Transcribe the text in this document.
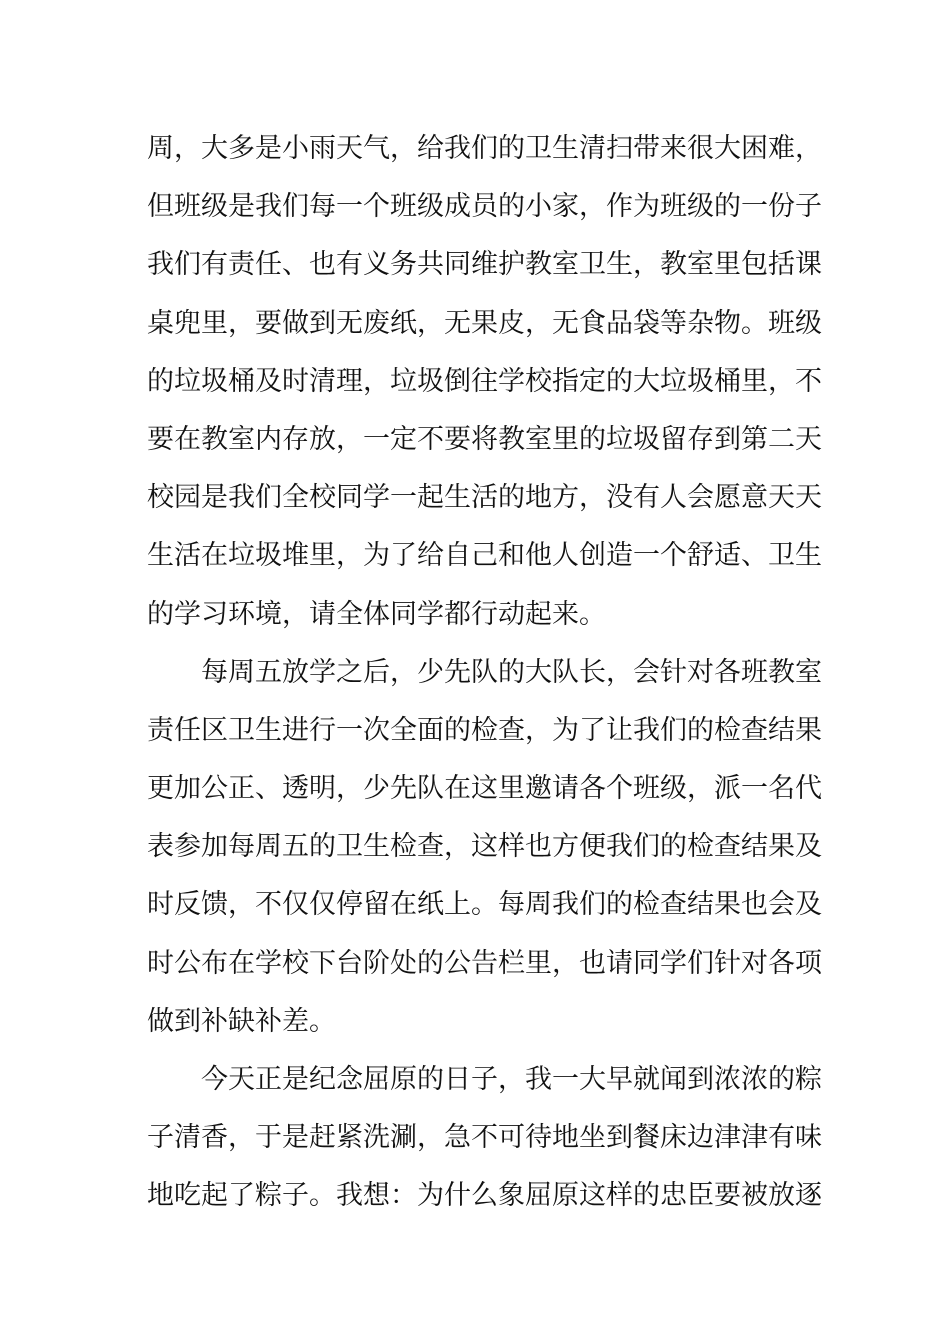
周，大多是小雨天气，给我们的卫生清扫带来很大困难，
但班级是我们每一个班级成员的小家，作为班级的一份子
我们有责任、也有义务共同维护教室卫生，教室里包括课
桌兜里，要做到无废纸，无果皮，无食品袋等杂物。班级
的垃圾桶及时清理，垃圾倒往学校指定的大垃圾桶里，不
要在教室内存放，一定不要将教室里的垃圾留存到第二天
校园是我们全校同学一起生活的地方，没有人会愿意天天
生活在垃圾堆里，为了给自己和他人创造一个舒适、卫生
的学习环境，请全体同学都行动起来。
每周五放学之后，少先队的大队长，会针对各班教室
责任区卫生进行一次全面的检查，为了让我们的检查结果
更加公正、透明，少先队在这里邀请各个班级，派一名代
表参加每周五的卫生检查，这样也方便我们的检查结果及
时反馈，不仅仅停留在纸上。每周我们的检查结果也会及
时公布在学校下台阶处的公告栏里，也请同学们针对各项
做到补缺补差。
今天正是纪念屈原的日子，我一大早就闻到浓浓的粽
子清香，于是赶紧洗涮，急不可待地坐到餐床边津津有味
地吃起了粽子。我想：为什么象屈原这样的忠臣要被放逐
